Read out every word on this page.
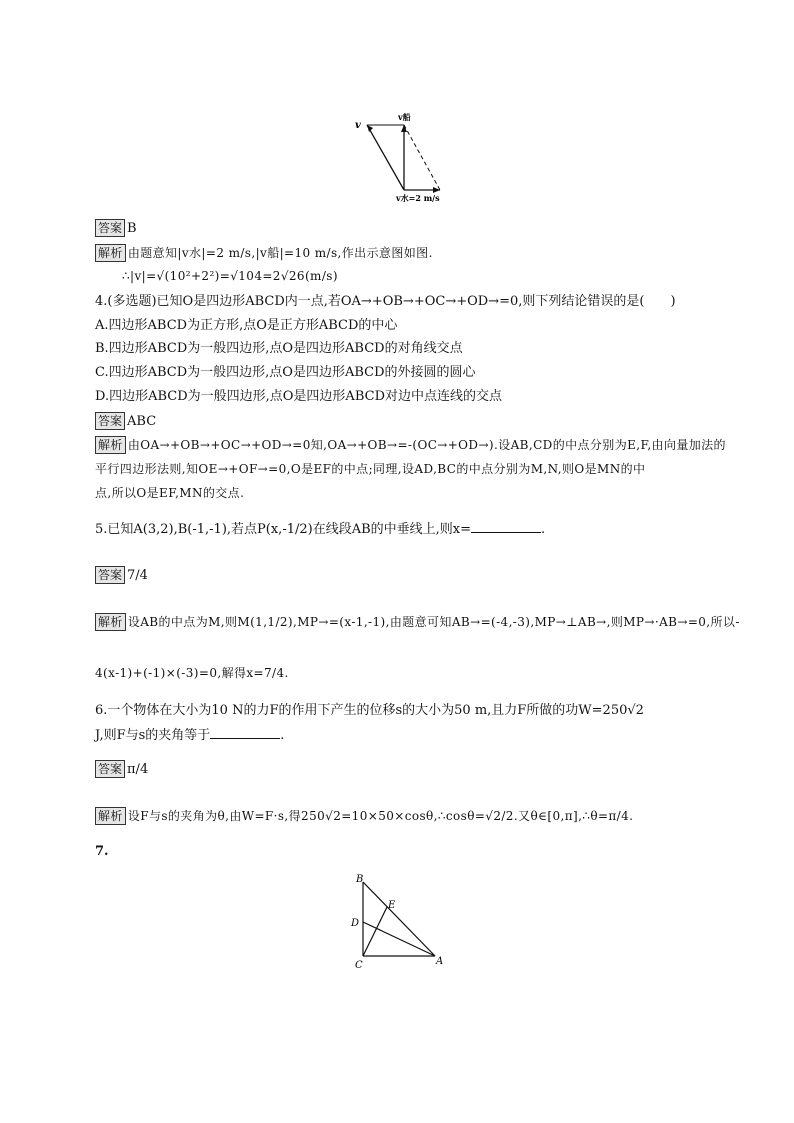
v
v船
v水=2 m/s
答案 B
解析 由题意知|v水|=2 m/s,|v船|=10 m/s,作出示意图如图.
∴|v|=√(10²+2²)=√104=2√26(m/s)
4.(多选题)已知O是四边形ABCD内一点,若OA→+OB→+OC→+OD→=0,则下列结论错误的是(　　)
A.四边形ABCD为正方形,点O是正方形ABCD的中心
B.四边形ABCD为一般四边形,点O是四边形ABCD的对角线交点
C.四边形ABCD为一般四边形,点O是四边形ABCD的外接圆的圆心
D.四边形ABCD为一般四边形,点O是四边形ABCD对边中点连线的交点
答案 ABC
解析 由OA→+OB→+OC→+OD→=0知,OA→+OB→=-(OC→+OD→).设AB,CD的中点分别为E,F,由向量加法的
平行四边形法则,知OE→+OF→=0,O是EF的中点;同理,设AD,BC的中点分别为M,N,则O是MN的中
点,所以O是EF,MN的交点.
5.已知A(3,2),B(-1,-1),若点P(x,-1/2)在线段AB的中垂线上,则x=	.
答案 7/4
解析 设AB的中点为M,则M(1,1/2),MP→=(x-1,-1),由题意可知AB→=(-4,-3),MP→⊥AB→,则MP→·AB→=0,所以-
4(x-1)+(-1)×(-3)=0,解得x=7/4.
6.一个物体在大小为10 N的力F的作用下产生的位移s的大小为50 m,且力F所做的功W=250√2
J,则F与s的夹角等于	.
答案 π/4
解析 设F与s的夹角为θ,由W=F·s,得250√2=10×50×cosθ,∴cosθ=√2/2.又θ∈[0,π],∴θ=π/4.
7.
B
E
D
C	A
